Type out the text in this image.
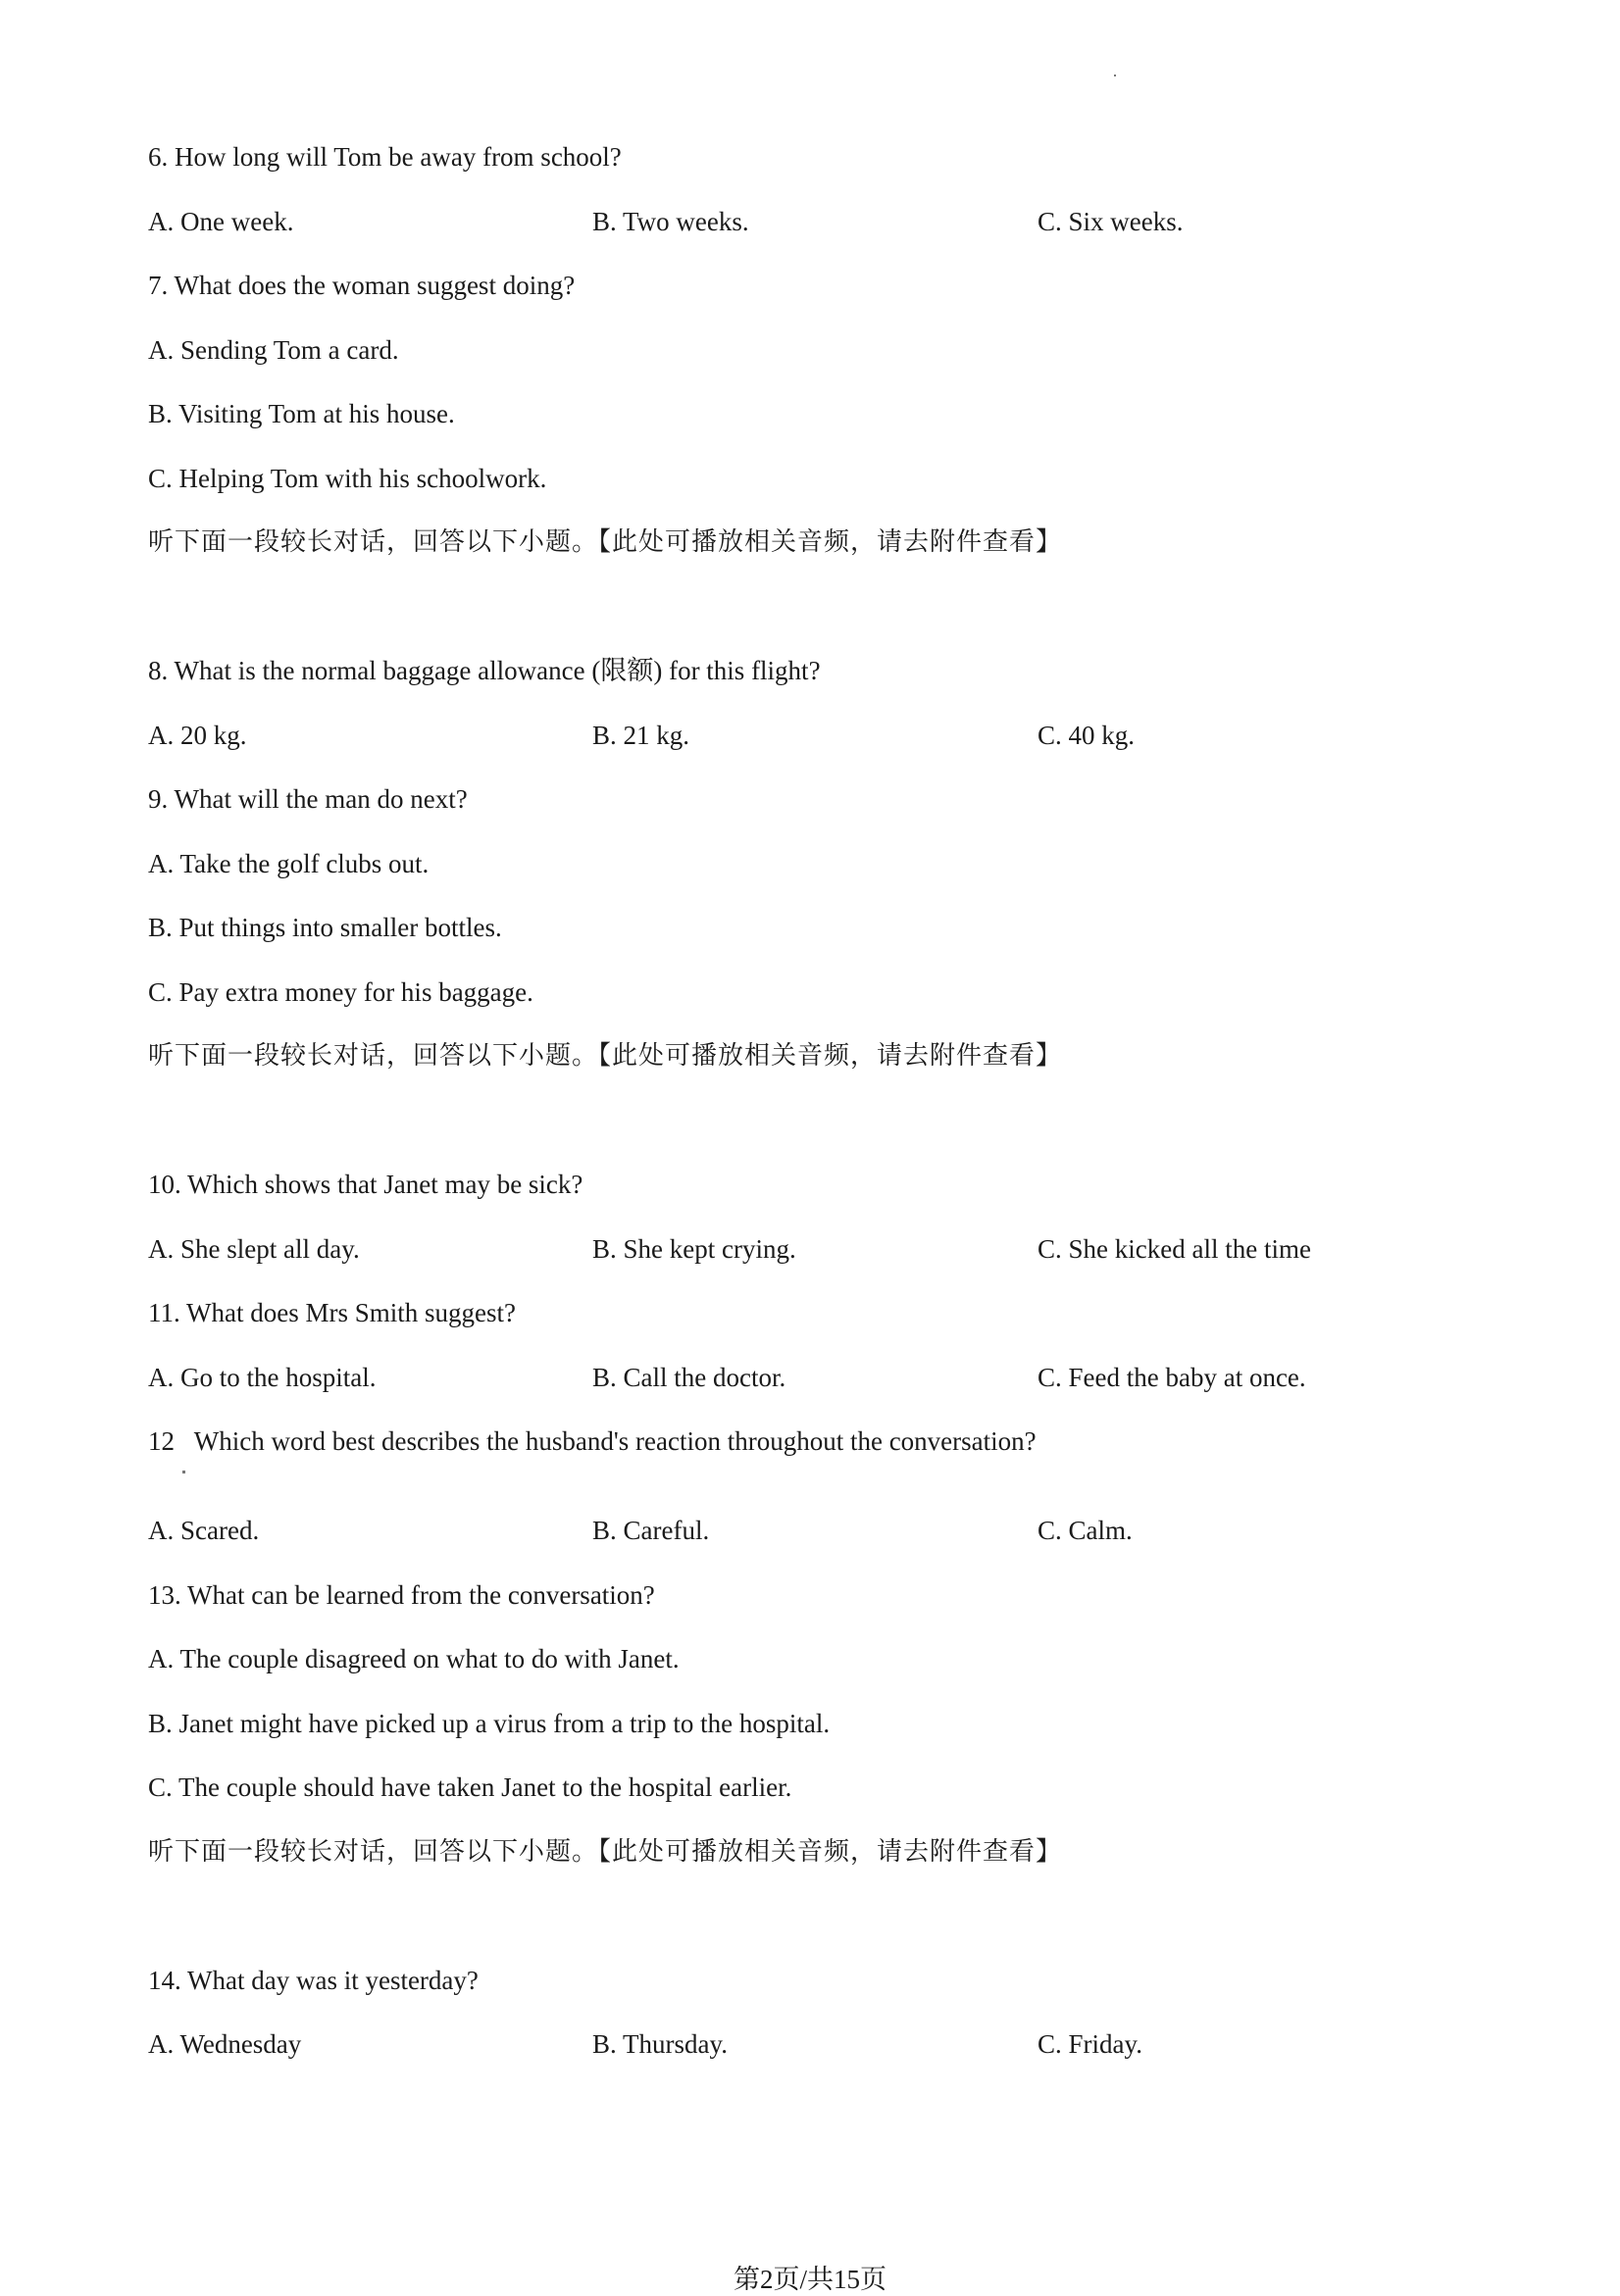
6. How long will Tom be away from school?

A. One week.	B. Two weeks.	C. Six weeks.

7. What does the woman suggest doing?

A. Sending Tom a card.

B. Visiting Tom at his house.

C. Helping Tom with his schoolwork.

听下面一段较长对话，回答以下小题。【此处可播放相关音频，请去附件查看】

8. What is the normal baggage allowance (限额) for this flight?

A. 20 kg.	B. 21 kg.	C. 40 kg.

9. What will the man do next?

A. Take the golf clubs out.

B. Put things into smaller bottles.

C. Pay extra money for his baggage.

听下面一段较长对话，回答以下小题。【此处可播放相关音频，请去附件查看】

10. Which shows that Janet may be sick?

A. She slept all day.	B. She kept crying.	C. She kicked all the time

11. What does Mrs Smith suggest?

A. Go to the hospital.	B. Call the doctor.	C. Feed the baby at once.

12   Which word best describes the husband's reaction throughout the conversation?

A. Scared.	B. Careful.	C. Calm.

13. What can be learned from the conversation?

A. The couple disagreed on what to do with Janet.

B. Janet might have picked up a virus from a trip to the hospital.

C. The couple should have taken Janet to the hospital earlier.

听下面一段较长对话，回答以下小题。【此处可播放相关音频，请去附件查看】

14. What day was it yesterday?

A. Wednesday	B. Thursday.	C. Friday.
第2页/共15页
